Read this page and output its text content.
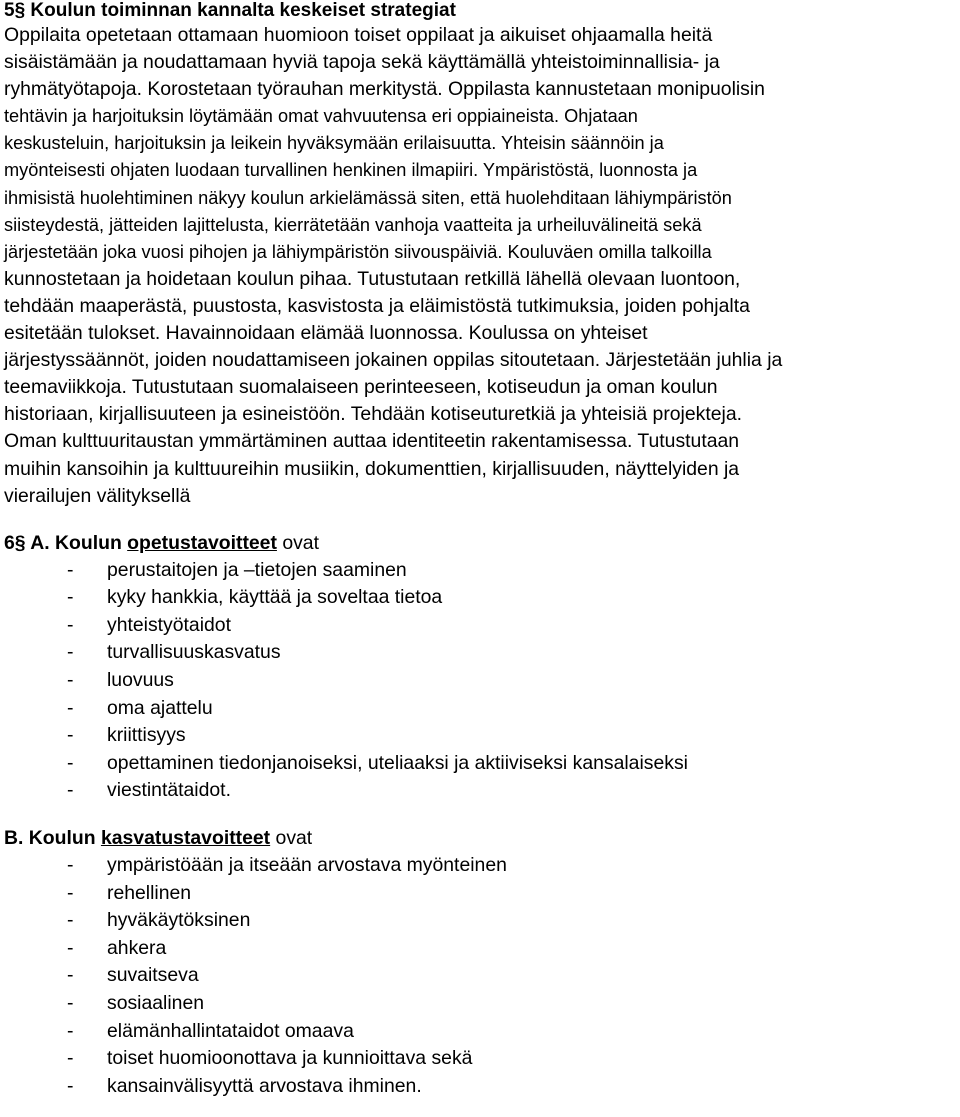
5§ Koulun toiminnan kannalta keskeiset strategiat

Oppilaita opetetaan ottamaan huomioon toiset oppilaat ja aikuiset ohjaamalla heitä
sisäistämään ja noudattamaan hyviä tapoja sekä käyttämällä yhteistoiminnallisia- ja
ryhmätyötapoja. Korostetaan työrauhan merkitystä. Oppilasta kannustetaan monipuolisin
tehtävin ja harjoituksin löytämään omat vahvuutensa eri oppiaineista. Ohjataan
keskusteluin, harjoituksin ja leikein hyväksymään erilaisuutta. Yhteisin säännöin ja
myönteisesti ohjaten luodaan turvallinen henkinen ilmapiiri. Ympäristöstä, luonnosta ja
ihmisistä huolehtiminen näkyy koulun arkielämässä siten, että huolehditaan lähiympäristön
siisteydestä, jätteiden lajittelusta, kierrätetään vanhoja vaatteita ja urheiluvälineitä sekä
järjestetään joka vuosi pihojen ja lähiympäristön siivouspäiviä. Kouluväen omilla talkoilla
kunnostetaan ja hoidetaan koulun pihaa. Tutustutaan retkillä lähellä olevaan luontoon,
tehdään maaperästä, puustosta, kasvistosta ja eläimistöstä tutkimuksia, joiden pohjalta
esitetään tulokset. Havainnoidaan elämää luonnossa. Koulussa on yhteiset
järjestyssäännöt, joiden noudattamiseen jokainen oppilas sitoutetaan. Järjestetään juhlia ja
teemaviikkoja. Tutustutaan suomalaiseen perinteeseen, kotiseudun ja oman koulun
historiaan, kirjallisuuteen ja esineistöön. Tehdään kotiseuturetkiä ja yhteisiä projekteja.
Oman kulttuuritaustan ymmärtäminen auttaa identiteetin rakentamisessa. Tutustutaan
muihin kansoihin ja kulttuureihin musiikin, dokumenttien, kirjallisuuden, näyttelyiden ja
vierailujen välityksellä

6§ A. Koulun opetustavoitteet ovat

-	perustaitojen ja –tietojen saaminen
-	kyky hankkia, käyttää ja soveltaa tietoa
-	yhteistyötaidot
-	turvallisuuskasvatus
-	luovuus
-	oma ajattelu
-	kriittisyys
-	opettaminen tiedonjanoiseksi, uteliaaksi ja aktiiviseksi kansalaiseksi
-	viestintätaidot.

B. Koulun kasvatustavoitteet ovat

-	ympäristöään ja itseään arvostava myönteinen
-	rehellinen
-	hyväkäytöksinen
-	ahkera
-	suvaitseva
-	sosiaalinen
-	elämänhallintataidot omaava
-	toiset huomioonottava ja kunnioittava sekä
-	kansainvälisyyttä arvostava ihminen.
